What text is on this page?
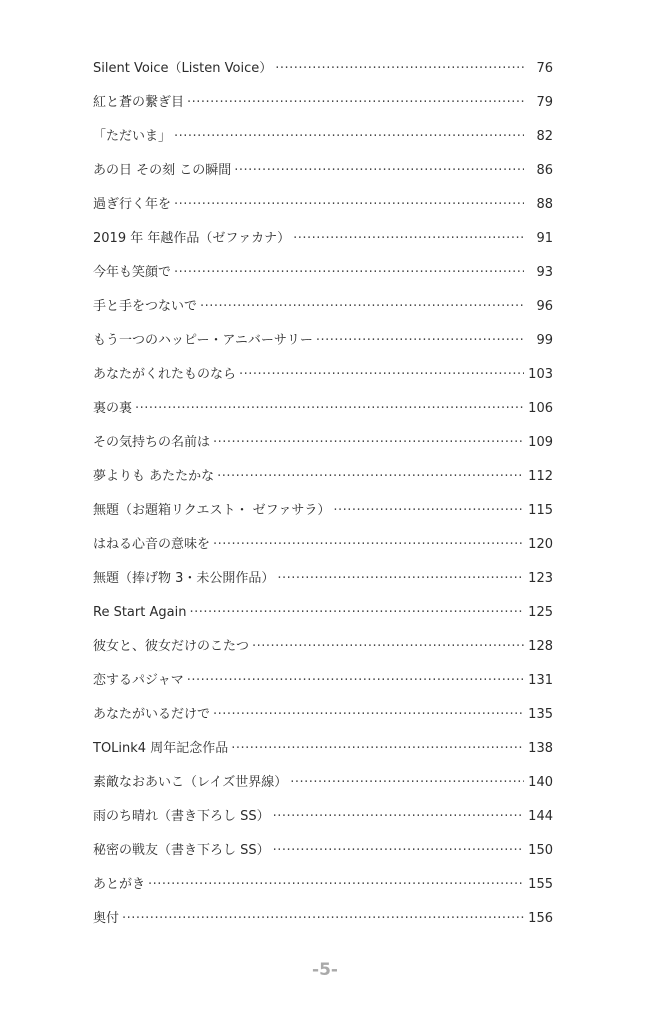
Silent Voice（Listen Voice） ·····	76
紅と蒼の繋ぎ目 ·····	79
「ただいま」 ·····	82
あの日 その刻 この瞬間 ·····	86
過ぎ行く年を ·····	88
2019 年 年越作品（ゼファカナ） ·····	91
今年も笑顔で ·····	93
手と手をつないで ·····	96
もう一つのハッピー・アニバーサリー ·····	99
あなたがくれたものなら ·····	103
裏の裏 ·····	106
その気持ちの名前は ·····	109
夢よりも あたたかな ·····	112
無題（お題箱リクエスト・ ゼファサラ） ·····	115
はねる心音の意味を ·····	120
無題（捧げ物 3・未公開作品） ·····	123
Re Start Again ·····	125
彼女と、彼女だけのこたつ ·····	128
恋するパジャマ ·····	131
あなたがいるだけで ·····	135
TOLink4 周年記念作品 ·····	138
素敵なおあいこ（レイズ世界線） ·····	140
雨のち晴れ（書き下ろし SS） ·····	144
秘密の戦友（書き下ろし SS） ·····	150
あとがき ·····	155
奥付 ·····	156
-5-
